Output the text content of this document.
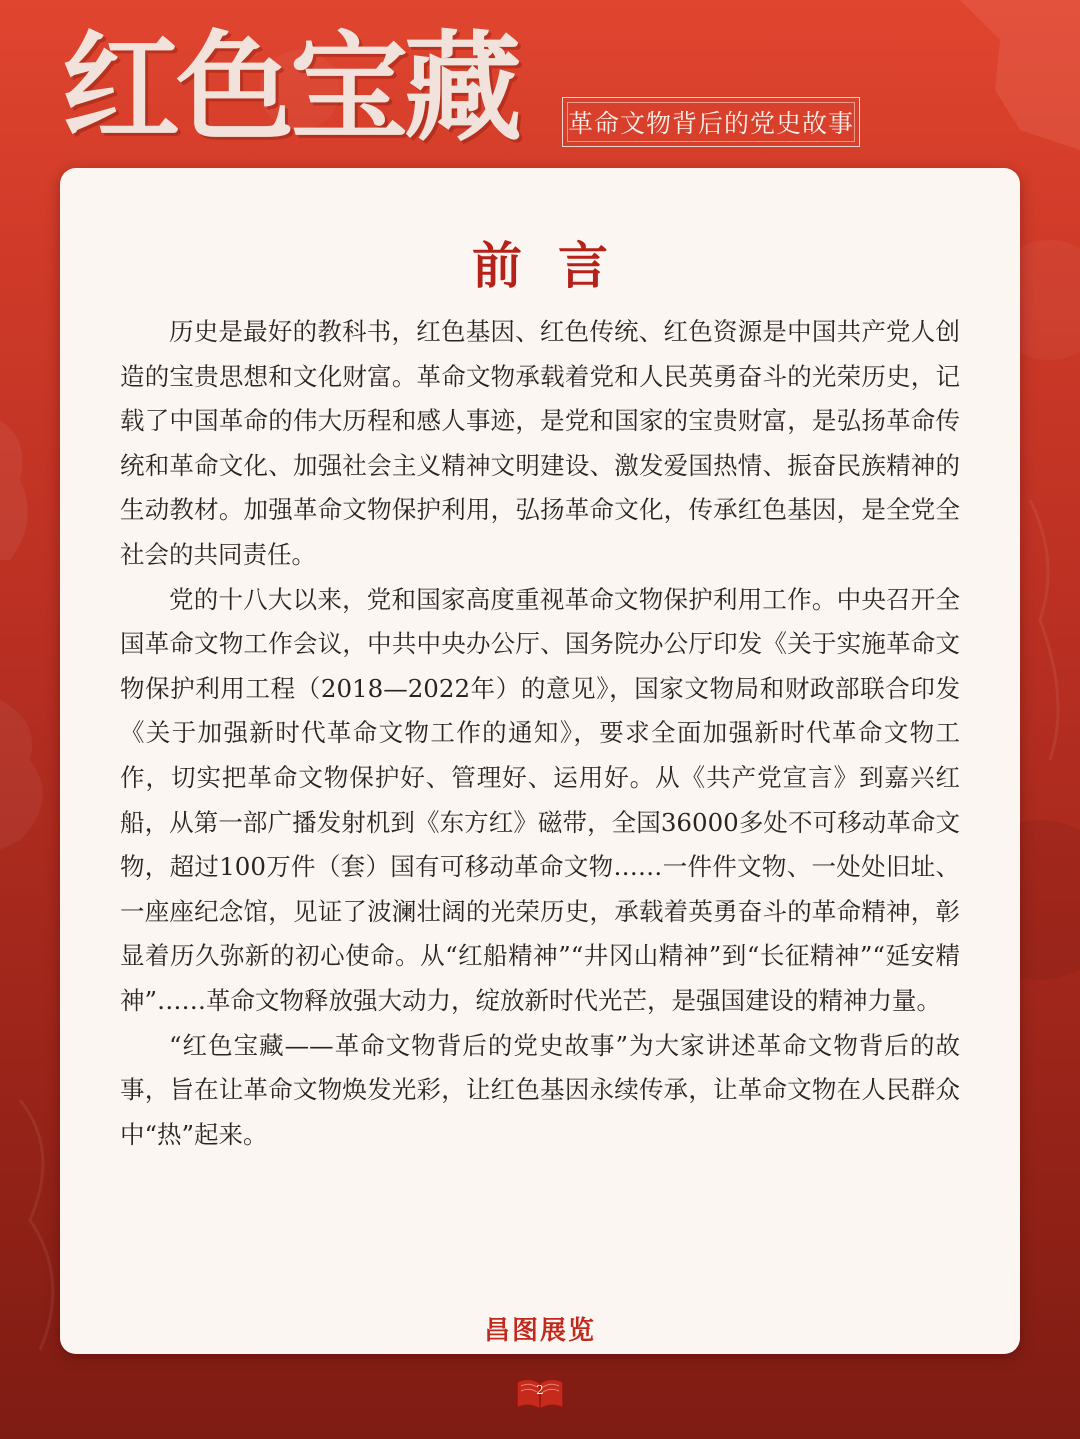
红色宝藏 革命文物背后的党史故事
前言

历史是最好的教科书，红色基因、红色传统、红色资源是中国共产党人创造的宝贵思想和文化财富。革命文物承载着党和人民英勇奋斗的光荣历史，记载了中国革命的伟大历程和感人事迹，是党和国家的宝贵财富，是弘扬革命传统和革命文化、加强社会主义精神文明建设、激发爱国热情、振奋民族精神的生动教材。加强革命文物保护利用，弘扬革命文化，传承红色基因，是全党全社会的共同责任。

党的十八大以来，党和国家高度重视革命文物保护利用工作。中央召开全国革命文物工作会议，中共中央办公厅、国务院办公厅印发《关于实施革命文物保护利用工程（2018—2022年）的意见》，国家文物局和财政部联合印发《关于加强新时代革命文物工作的通知》，要求全面加强新时代革命文物工作，切实把革命文物保护好、管理好、运用好。从《共产党宣言》到嘉兴红船，从第一部广播发射机到《东方红》磁带，全国36000多处不可移动革命文物，超过100万件（套）国有可移动革命文物……一件件文物、一处处旧址、一座座纪念馆，见证了波澜壮阔的光荣历史，承载着英勇奋斗的革命精神，彰显着历久弥新的初心使命。从“红船精神”“井冈山精神”到“长征精神”“延安精神”……革命文物释放强大动力，绽放新时代光芒，是强国建设的精神力量。

“红色宝藏——革命文物背后的党史故事”为大家讲述革命文物背后的故事，旨在让革命文物焕发光彩，让红色基因永续传承，让革命文物在人民群众中“热”起来。

昌图展览
2
